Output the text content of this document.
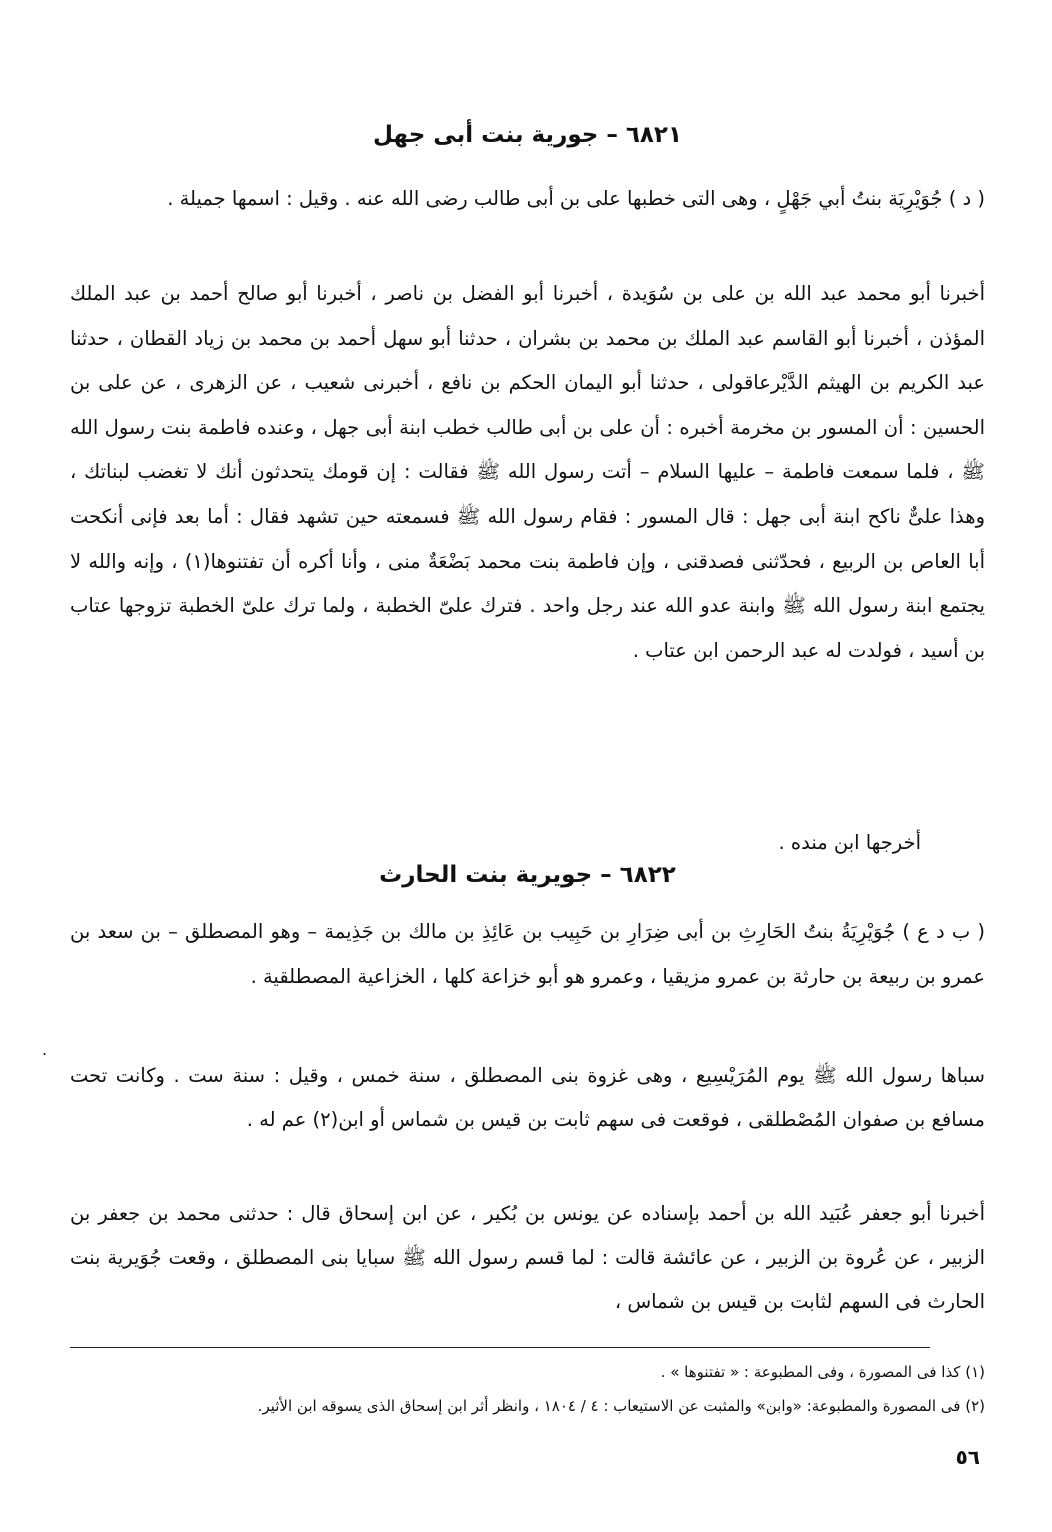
٦٨٢١ – جورية بنت أبى جهل
( د ) جُوَيْرِيَة بنتُ أبي جَهْلٍ ، وهى التى خطبها على بن أبى طالب رضى الله عنه . وقيل : اسمها جميلة .
أخبرنا أبو محمد عبد الله بن على بن سُوَيدة ، أخبرنا أبو الفضل بن ناصر ، أخبرنا أبو صالح أحمد بن عبد الملك المؤذن ، أخبرنا أبو القاسم عبد الملك بن محمد بن بشران ، حدثنا أبو سهل أحمد بن محمد بن زياد القطان ، حدثنا عبد الكريم بن الهيثم الدَّيْرعاقولى ، حدثنا أبو اليمان الحكم بن نافع ، أخبرنى شعيب ، عن الزهرى ، عن على بن الحسين : أن المسور بن مخرمة أخبره : أن على بن أبى طالب خطب ابنة أبى جهل ، وعنده فاطمة بنت رسول الله ﷺ ، فلما سمعت فاطمة – عليها السلام – أتت رسول الله ﷺ فقالت : إن قومك يتحدثون أنك لا تغضب لبناتك ، وهذا علىٌّ ناكح ابنة أبى جهل : قال المسور : فقام رسول الله ﷺ فسمعته حين تشهد فقال : أما بعد فإنى أنكحت أبا العاص بن الربيع ، فحدّثنى فصدقنى ، وإن فاطمة بنت محمد بَضْعَةٌ منى ، وأنا أكره أن تفتنوها(١) ، وإنه والله لا يجتمع ابنة رسول الله ﷺ وابنة عدو الله عند رجل واحد . فترك علىّ الخطبة ، ولما ترك علىّ الخطبة تزوجها عتاب بن أسيد ، فولدت له عبد الرحمن ابن عتاب .
أخرجها ابن منده .
٦٨٢٢ – جويرية بنت الحارث
( ب د ع ) جُوَيْرِيَةُ بنتُ الحَارِثِ بن أبى ضِرَارِ بن حَبِيب بن عَائِذِ بن مالك بن جَذِيمة – وهو المصطلق – بن سعد بن عمرو بن ربيعة بن حارثة بن عمرو مزيقيا ، وعمرو هو أبو خزاعة كلها ، الخزاعية المصطلقية .
سباها رسول الله ﷺ يوم المُرَيْسِيع ، وهى غزوة بنى المصطلق ، سنة خمس ، وقيل : سنة ست . وكانت تحت مسافع بن صفوان المُصْطلقى ، فوقعت فى سهم ثابت بن قيس بن شماس أو ابن(٢) عم له .
أخبرنا أبو جعفر عُبَيد الله بن أحمد بإسناده عن يونس بن بُكير ، عن ابن إسحاق قال : حدثنى محمد بن جعفر بن الزبير ، عن عُروة بن الزبير ، عن عائشة قالت : لما قسم رسول الله ﷺ سبايا بنى المصطلق ، وقعت جُوَيرية بنت الحارث فى السهم لثابت بن قيس بن شماس ،
(١) كذا فى المصورة ، وفى المطبوعة : « تفتنوها » .
(٢) فى المصورة والمطبوعة: «وابن» والمثبت عن الاستيعاب : ٤ / ١٨٠٤ ، وانظر أثر ابن إسحاق الذى يسوقه ابن الأثير.
٥٦
.
